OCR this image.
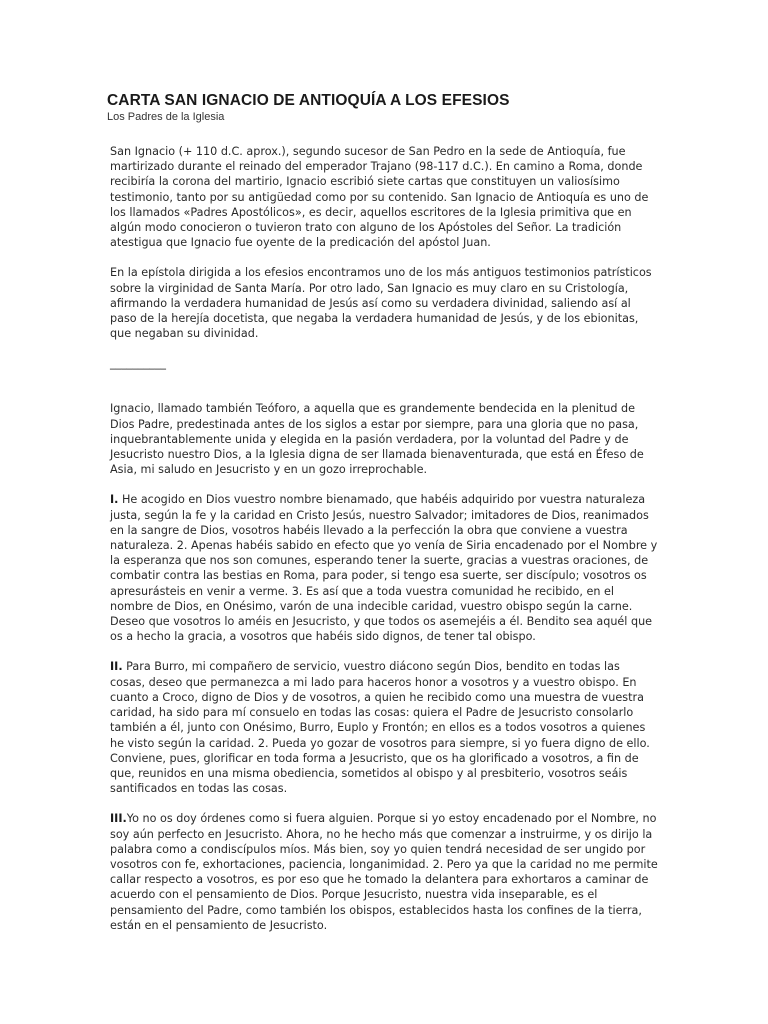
CARTA SAN IGNACIO DE ANTIOQUÍA A LOS EFESIOS

Los Padres de la Iglesia

San Ignacio (+ 110 d.C. aprox.), segundo sucesor de San Pedro en la sede de Antioquía, fue martirizado durante el reinado del emperador Trajano (98-117 d.C.). En camino a Roma, donde recibiría la corona del martirio, Ignacio escribió siete cartas que constituyen un valiosísimo testimonio, tanto por su antigüedad como por su contenido. San Ignacio de Antioquía es uno de los llamados «Padres Apostólicos», es decir, aquellos escritores de la Iglesia primitiva que en algún modo conocieron o tuvieron trato con alguno de los Apóstoles del Señor. La tradición atestigua que Ignacio fue oyente de la predicación del apóstol Juan.

En la epístola dirigida a los efesios encontramos uno de los más antiguos testimonios patrísticos sobre la virginidad de Santa María. Por otro lado, San Ignacio es muy claro en su Cristología, afirmando la verdadera humanidad de Jesús así como su verdadera divinidad, saliendo así al paso de la herejía docetista, que negaba la verdadera humanidad de Jesús, y de los ebionitas, que negaban su divinidad.

__________

Ignacio, llamado también Teóforo, a aquella que es grandemente bendecida en la plenitud de Dios Padre, predestinada antes de los siglos a estar por siempre, para una gloria que no pasa, inquebrantablemente unida y elegida en la pasión verdadera, por la voluntad del Padre y de Jesucristo nuestro Dios, a la Iglesia digna de ser llamada bienaventurada, que está en Éfeso de Asia, mi saludo en Jesucristo y en un gozo irreprochable.

I. He acogido en Dios vuestro nombre bienamado, que habéis adquirido por vuestra naturaleza justa, según la fe y la caridad en Cristo Jesús, nuestro Salvador; imitadores de Dios, reanimados en la sangre de Dios, vosotros habéis llevado a la perfección la obra que conviene a vuestra naturaleza. 2. Apenas habéis sabido en efecto que yo venía de Siria encadenado por el Nombre y la esperanza que nos son comunes, esperando tener la suerte, gracias a vuestras oraciones, de combatir contra las bestias en Roma, para poder, si tengo esa suerte, ser discípulo; vosotros os apresurásteis en venir a verme. 3. Es así que a toda vuestra comunidad he recibido, en el nombre de Dios, en Onésimo, varón de una indecible caridad, vuestro obispo según la carne. Deseo que vosotros lo améis en Jesucristo, y que todos os asemejéis a él. Bendito sea aquél que os a hecho la gracia, a vosotros que habéis sido dignos, de tener tal obispo.

II. Para Burro, mi compañero de servicio, vuestro diácono según Dios, bendito en todas las cosas, deseo que permanezca a mi lado para haceros honor a vosotros y a vuestro obispo. En cuanto a Croco, digno de Dios y de vosotros, a quien he recibido como una muestra de vuestra caridad, ha sido para mí consuelo en todas las cosas: quiera el Padre de Jesucristo consolarlo también a él, junto con Onésimo, Burro, Euplo y Frontón; en ellos es a todos vosotros a quienes he visto según la caridad. 2. Pueda yo gozar de vosotros para siempre, si yo fuera digno de ello. Conviene, pues, glorificar en toda forma a Jesucristo, que os ha glorificado a vosotros, a fin de que, reunidos en una misma obediencia, sometidos al obispo y al presbiterio, vosotros seáis santificados en todas las cosas.

III.Yo no os doy órdenes como si fuera alguien. Porque si yo estoy encadenado por el Nombre, no soy aún perfecto en Jesucristo. Ahora, no he hecho más que comenzar a instruirme, y os dirijo la palabra como a condiscípulos míos. Más bien, soy yo quien tendrá necesidad de ser ungido por vosotros con fe, exhortaciones, paciencia, longanimidad. 2. Pero ya que la caridad no me permite callar respecto a vosotros, es por eso que he tomado la delantera para exhortaros a caminar de acuerdo con el pensamiento de Dios. Porque Jesucristo, nuestra vida inseparable, es el pensamiento del Padre, como también los obispos, establecidos hasta los confines de la tierra, están en el pensamiento de Jesucristo.
